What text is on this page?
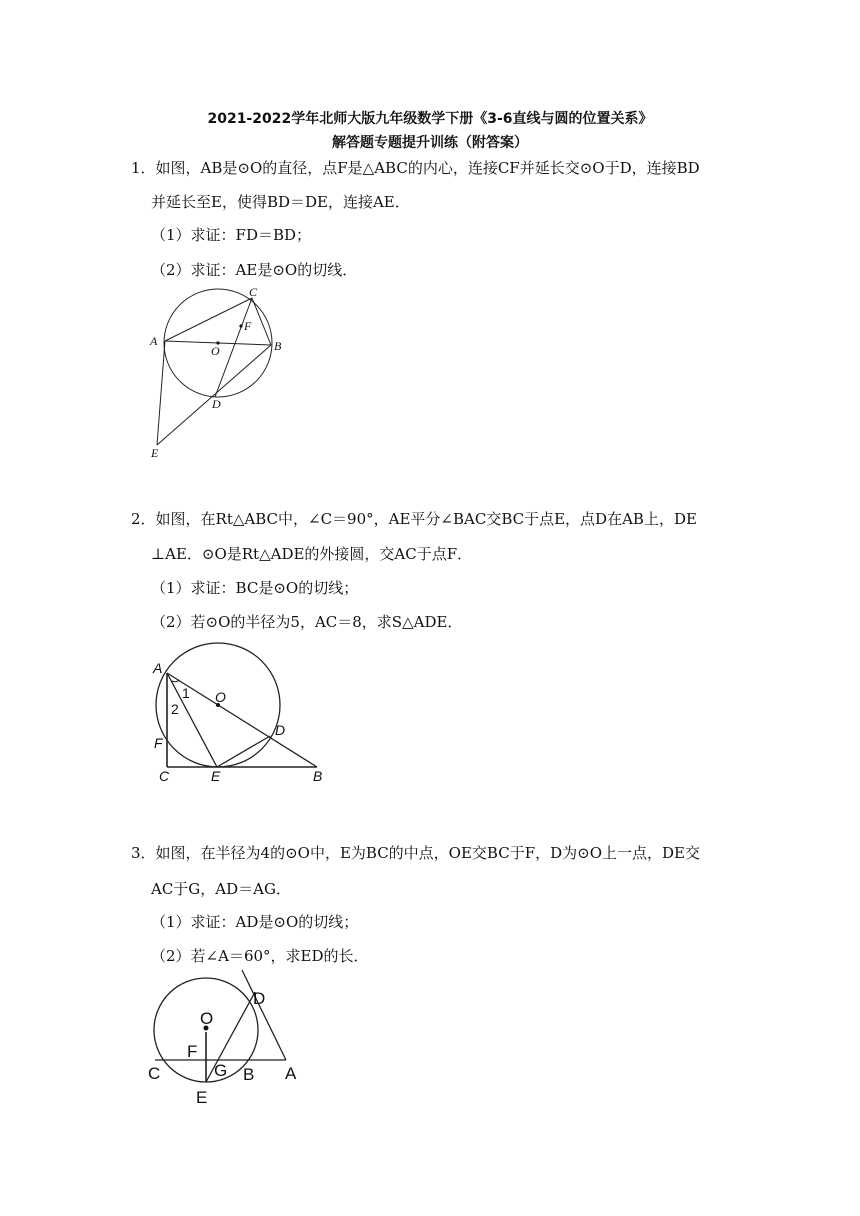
2021-2022学年北师大版九年级数学下册《3-6直线与圆的位置关系》
解答题专题提升训练（附答案）
1．如图，AB是⊙O的直径，点F是△ABC的内心，连接CF并延长交⊙O于D，连接BD
并延长至E，使得BD＝DE，连接AE．
（1）求证：FD＝BD；
（2）求证：AE是⊙O的切线．
A	B
C
O
F
D
E
2．如图，在Rt△ABC中，∠C＝90°，AE平分∠BAC交BC于点E，点D在AB上，DE
⊥AE．⊙O是Rt△ADE的外接圆，交AC于点F．
（1）求证：BC是⊙O的切线；
（2）若⊙O的半径为5，AC＝8，求S△ADE．
A
O
1
2
F
D
C	E	B
3．如图，在半径为4的⊙O中，E为BC的中点，OE交BC于F，D为⊙O上一点，DE交
AC于G，AD＝AG．
（1）求证：AD是⊙O的切线；
（2）若∠A＝60°，求ED的长．
O
D
F
C	G B A
E
